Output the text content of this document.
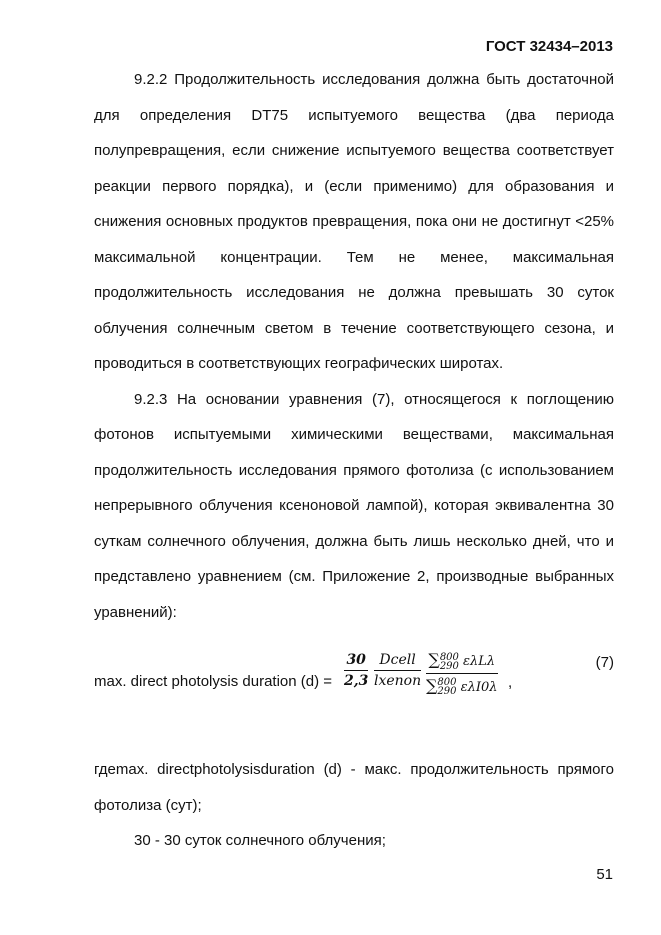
ГОСТ 32434–2013

9.2.2 Продолжительность исследования должна быть достаточной для определения DT75 испытуемого вещества (два периода полупревращения, если снижение испытуемого вещества соответствует реакции первого порядка), и (если применимо) для образования и снижения основных продуктов превращения, пока они не достигнут <25% максимальной концентрации. Тем не менее, максимальная продолжительность исследования не должна превышать 30 суток облучения солнечным светом в течение соответствующего сезона, и проводиться в соответствующих географических широтах.

9.2.3 На основании уравнения (7), относящегося к поглощению фотонов испытуемыми химическими веществами, максимальная продолжительность исследования прямого фотолиза (с использованием непрерывного облучения ксеноновой лампой), которая эквивалентна 30 суткам солнечного облучения, должна быть лишь несколько дней, что и представлено уравнением (см. Приложение 2, производные выбранных уравнений):

max. direct photolysis duration $(d) = \frac{30}{2,3}$ Dcell
lxenon
∑ 800
290 ελLλ
∑ 800
290 ελI0λ ,
(7)

гдеmax. directphotolysisduration (d) - макс. продолжительность прямого фотолиза (сут);

30 - 30 суток солнечного облучения;

51
